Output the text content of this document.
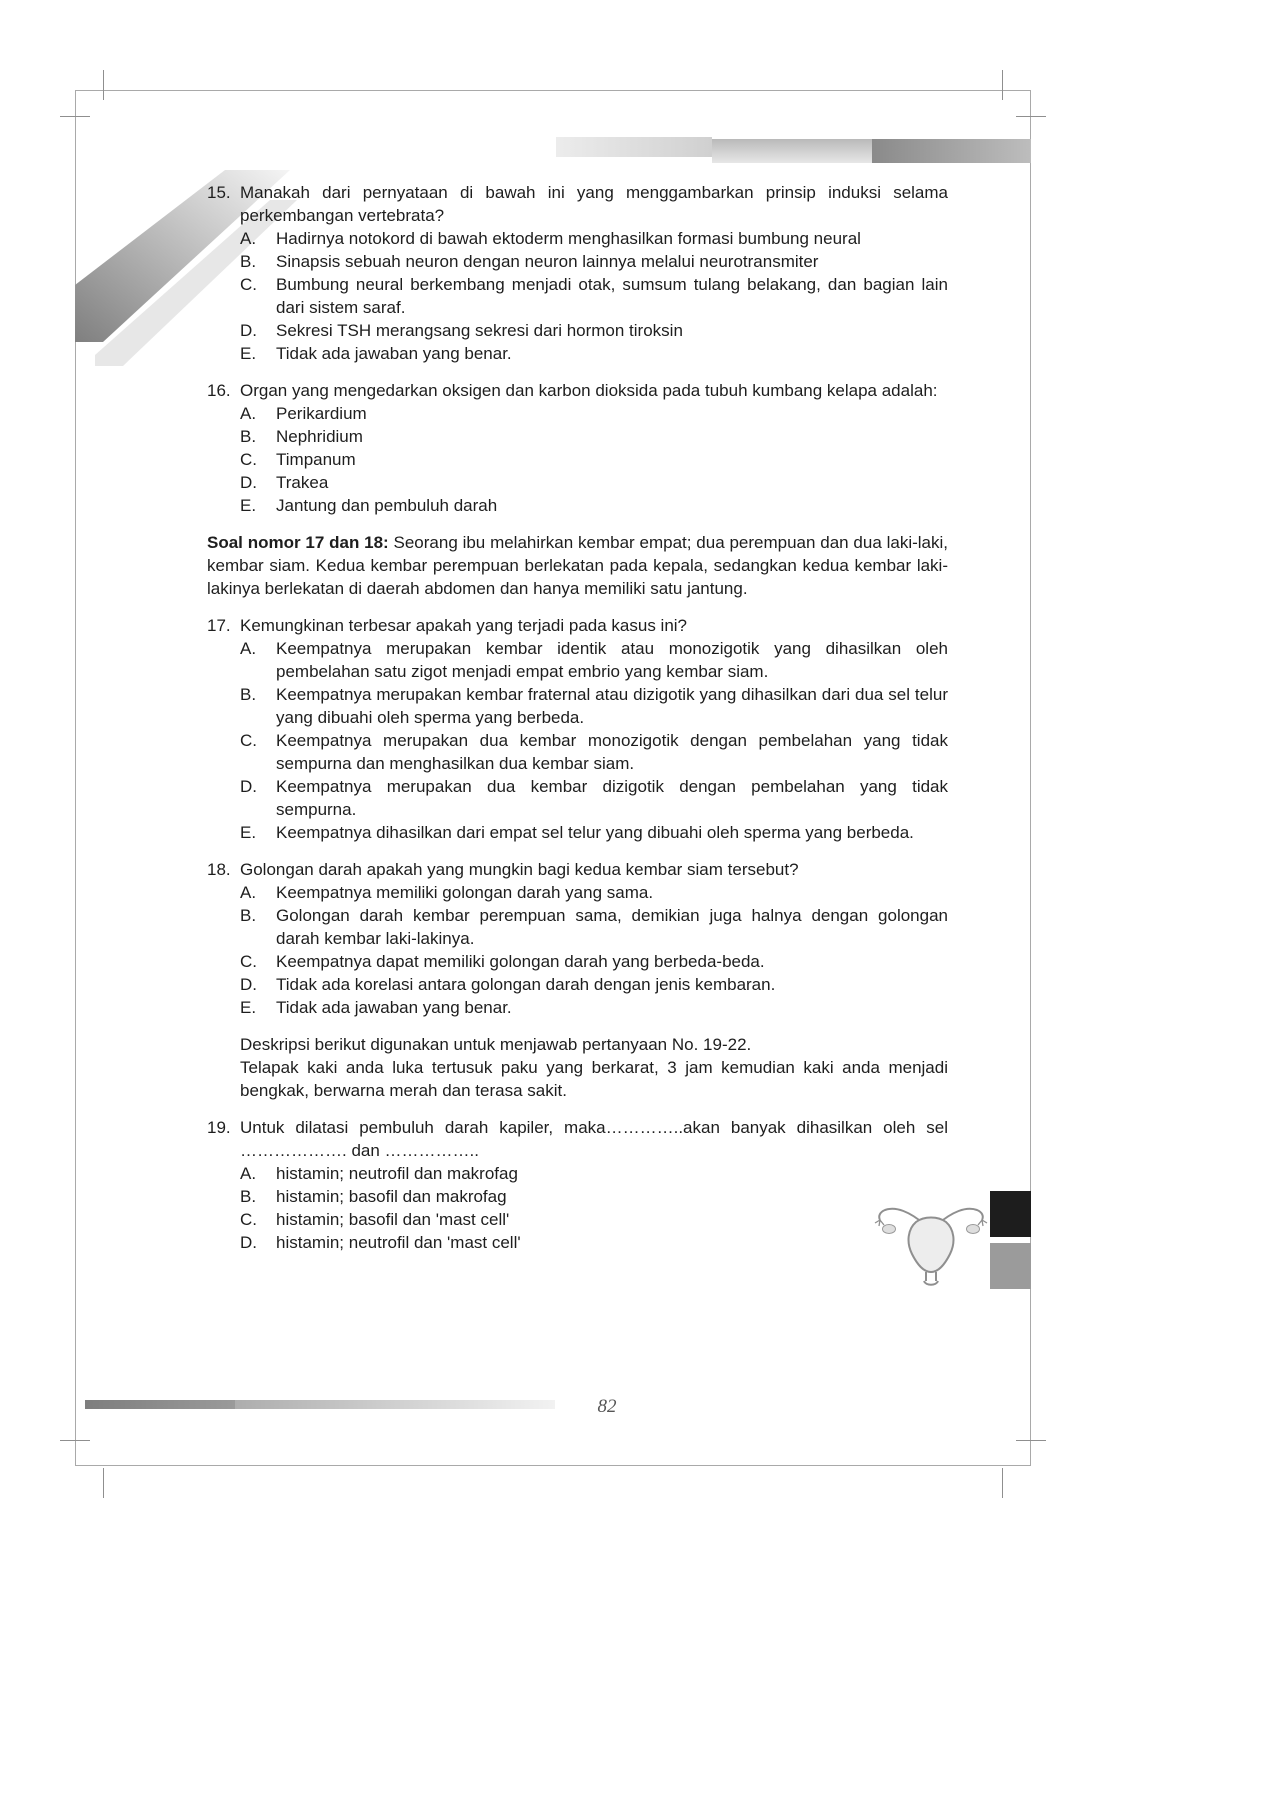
15. Manakah dari pernyataan di bawah ini yang menggambarkan prinsip induksi selama perkembangan vertebrata?
A.	Hadirnya notokord di bawah ektoderm menghasilkan formasi bumbung neural
B.	Sinapsis sebuah neuron dengan neuron lainnya melalui neurotransmiter
C.	Bumbung neural berkembang menjadi otak, sumsum tulang belakang, dan bagian lain dari sistem saraf.
D.	Sekresi TSH merangsang sekresi dari hormon tiroksin
E.	Tidak ada jawaban yang benar.
16. Organ yang mengedarkan oksigen dan karbon dioksida pada tubuh kumbang kelapa adalah:
A.	Perikardium
B.	Nephridium
C.	Timpanum
D.	Trakea
E.	Jantung dan pembuluh darah

Soal nomor 17 dan 18: Seorang ibu melahirkan kembar empat; dua perempuan dan dua laki-laki, kembar siam. Kedua kembar perempuan berlekatan pada kepala, sedangkan kedua kembar laki-lakinya berlekatan di daerah abdomen dan hanya memiliki satu jantung.

17. Kemungkinan terbesar apakah yang terjadi pada kasus ini?
A.	Keempatnya merupakan kembar identik atau monozigotik yang dihasilkan oleh pembelahan satu zigot menjadi empat embrio yang kembar siam.
B.	Keempatnya merupakan kembar fraternal atau dizigotik yang dihasilkan dari dua sel telur yang dibuahi oleh sperma yang berbeda.
C.	Keempatnya merupakan dua kembar monozigotik dengan pembelahan yang tidak sempurna dan menghasilkan dua kembar siam.
D.	Keempatnya merupakan dua kembar dizigotik dengan pembelahan yang tidak sempurna.
E.	Keempatnya dihasilkan dari empat sel telur yang dibuahi oleh sperma yang berbeda.
18. Golongan darah apakah yang mungkin bagi kedua kembar siam tersebut?
A.	Keempatnya memiliki golongan darah yang sama.
B.	Golongan darah kembar perempuan sama, demikian juga halnya dengan golongan darah kembar laki-lakinya.
C.	Keempatnya dapat memiliki golongan darah yang berbeda-beda.
D.	Tidak ada korelasi antara golongan darah dengan jenis kembaran.
E.	Tidak ada jawaban yang benar.

Deskripsi berikut digunakan untuk menjawab pertanyaan No. 19-22.

Telapak kaki anda luka tertusuk paku yang berkarat, 3 jam kemudian kaki anda menjadi bengkak, berwarna merah dan terasa sakit.

19. Untuk dilatasi pembuluh darah kapiler, maka…………..akan banyak dihasilkan oleh sel ………………. dan ……………..
A.	histamin; neutrofil dan makrofag
B.	histamin; basofil dan makrofag
C.	histamin; basofil dan 'mast cell'
D.	histamin; neutrofil dan 'mast cell'
82
